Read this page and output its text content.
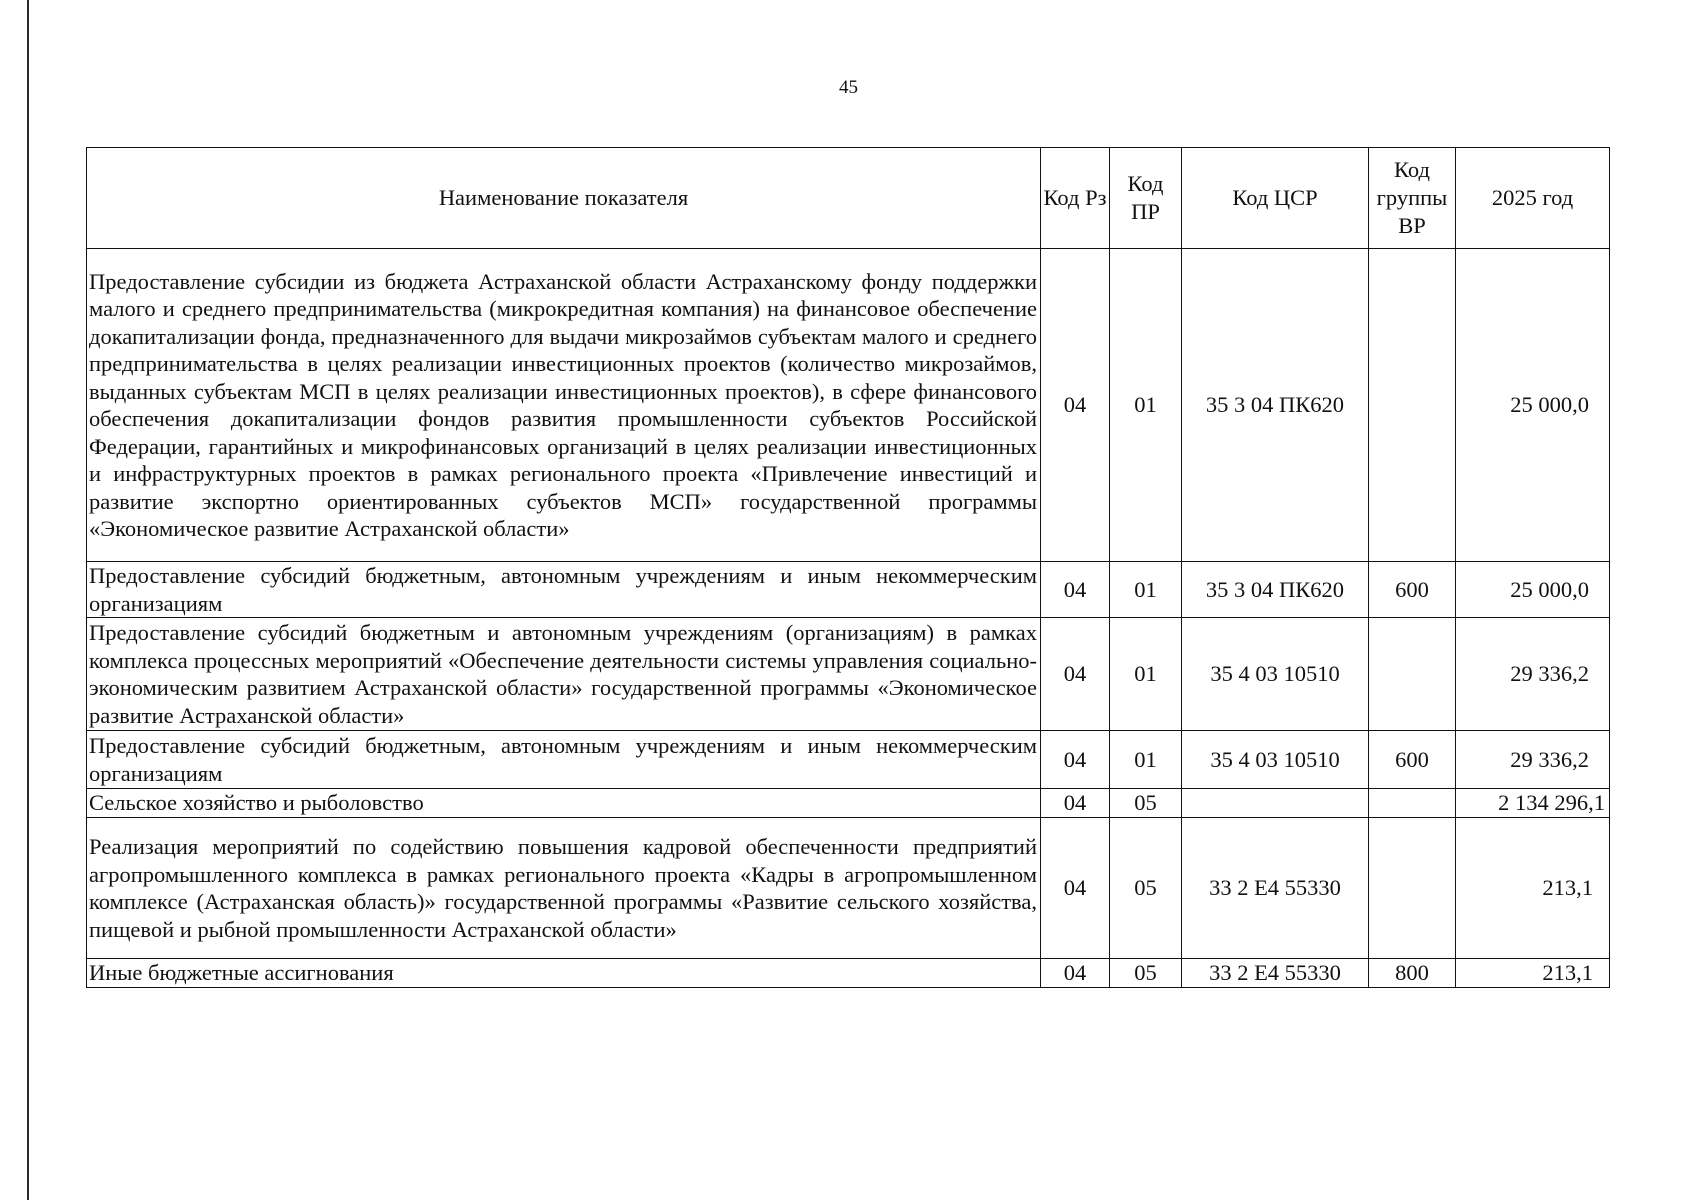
45
Наименование показателя	Код Рз	Код ПР	Код ЦСР	Код группы ВР	2025 год
Предоставление субсидии из бюджета Астраханской области Астраханскому фонду поддержки малого и среднего предпринимательства (микрокредитная компания) на финансовое обеспечение докапитализации фонда, предназначенного для выдачи микрозаймов субъектам малого и среднего предпринимательства в целях реализации инвестиционных проектов (количество микрозаймов, выданных субъектам МСП в целях реализации инвестиционных проектов), в сфере финансового обеспечения докапитализации фондов развития промышленности субъектов Российской Федерации, гарантийных и микрофинансовых организаций в целях реализации инвестиционных и инфраструктурных проектов в рамках регионального проекта «Привлечение инвестиций и развитие экспортно ориентированных субъектов МСП» государственной программы «Экономическое развитие Астраханской области»	04	01	35 3 04 ПК620		25 000,0
Предоставление субсидий бюджетным, автономным учреждениям и иным некоммерческим организациям	04	01	35 3 04 ПК620	600	25 000,0
Предоставление субсидий бюджетным и автономным учреждениям (организациям) в рамках комплекса процессных мероприятий «Обеспечение деятельности системы управления социально-экономическим развитием Астраханской области» государственной программы «Экономическое развитие Астраханской области»	04	01	35 4 03 10510		29 336,2
Предоставление субсидий бюджетным, автономным учреждениям и иным некоммерческим организациям	04	01	35 4 03 10510	600	29 336,2
Сельское хозяйство и рыболовство	04	05			2 134 296,1
Реализация мероприятий по содействию повышения кадровой обеспеченности предприятий агропромышленного комплекса в рамках регионального проекта «Кадры в агропромышленном комплексе (Астраханская область)» государственной программы «Развитие сельского хозяйства, пищевой и рыбной промышленности Астраханской области»	04	05	33 2 Е4 55330		213,1
Иные бюджетные ассигнования	04	05	33 2 Е4 55330	800	213,1
